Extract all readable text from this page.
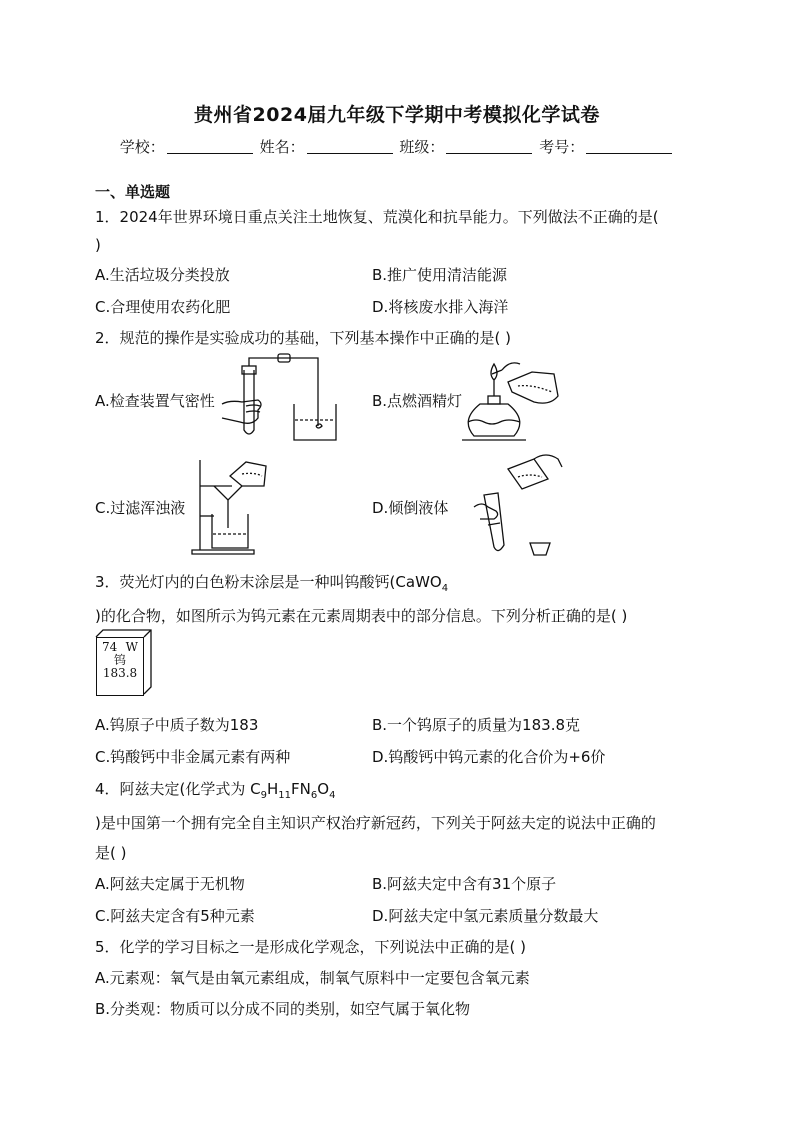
贵州省2024届九年级下学期中考模拟化学试卷
学校：	姓名：	班级：	考号：
一、单选题
1．2024年世界环境日重点关注土地恢复、荒漠化和抗旱能力。下列做法不正确的是(
)
A.生活垃圾分类投放	B.推广使用清洁能源
C.合理使用农药化肥	D.将核废水排入海洋
2．规范的操作是实验成功的基础，下列基本操作中正确的是( )
A.检查装置气密性	B.点燃酒精灯
C.过滤浑浊液	D.倾倒液体
3．荧光灯内的白色粉末涂层是一种叫钨酸钙(CaWO$_4$
)的化合物，如图所示为钨元素在元素周期表中的部分信息。下列分析正确的是( )
74 W
钨
183.8
A.钨原子中质子数为183	B.一个钨原子的质量为183.8克
C.钨酸钙中非金属元素有两种	D.钨酸钙中钨元素的化合价为+6价
4．阿兹夫定(化学式为 $C_9H_{11}FN_6O_4$
)是中国第一个拥有完全自主知识产权治疗新冠药，下列关于阿兹夫定的说法中正确的
是( )
A.阿兹夫定属于无机物	B.阿兹夫定中含有31个原子
C.阿兹夫定含有5种元素	D.阿兹夫定中氢元素质量分数最大
5．化学的学习目标之一是形成化学观念，下列说法中正确的是( )
A.元素观：氧气是由氧元素组成，制氧气原料中一定要包含氧元素
B.分类观：物质可以分成不同的类别，如空气属于氧化物
